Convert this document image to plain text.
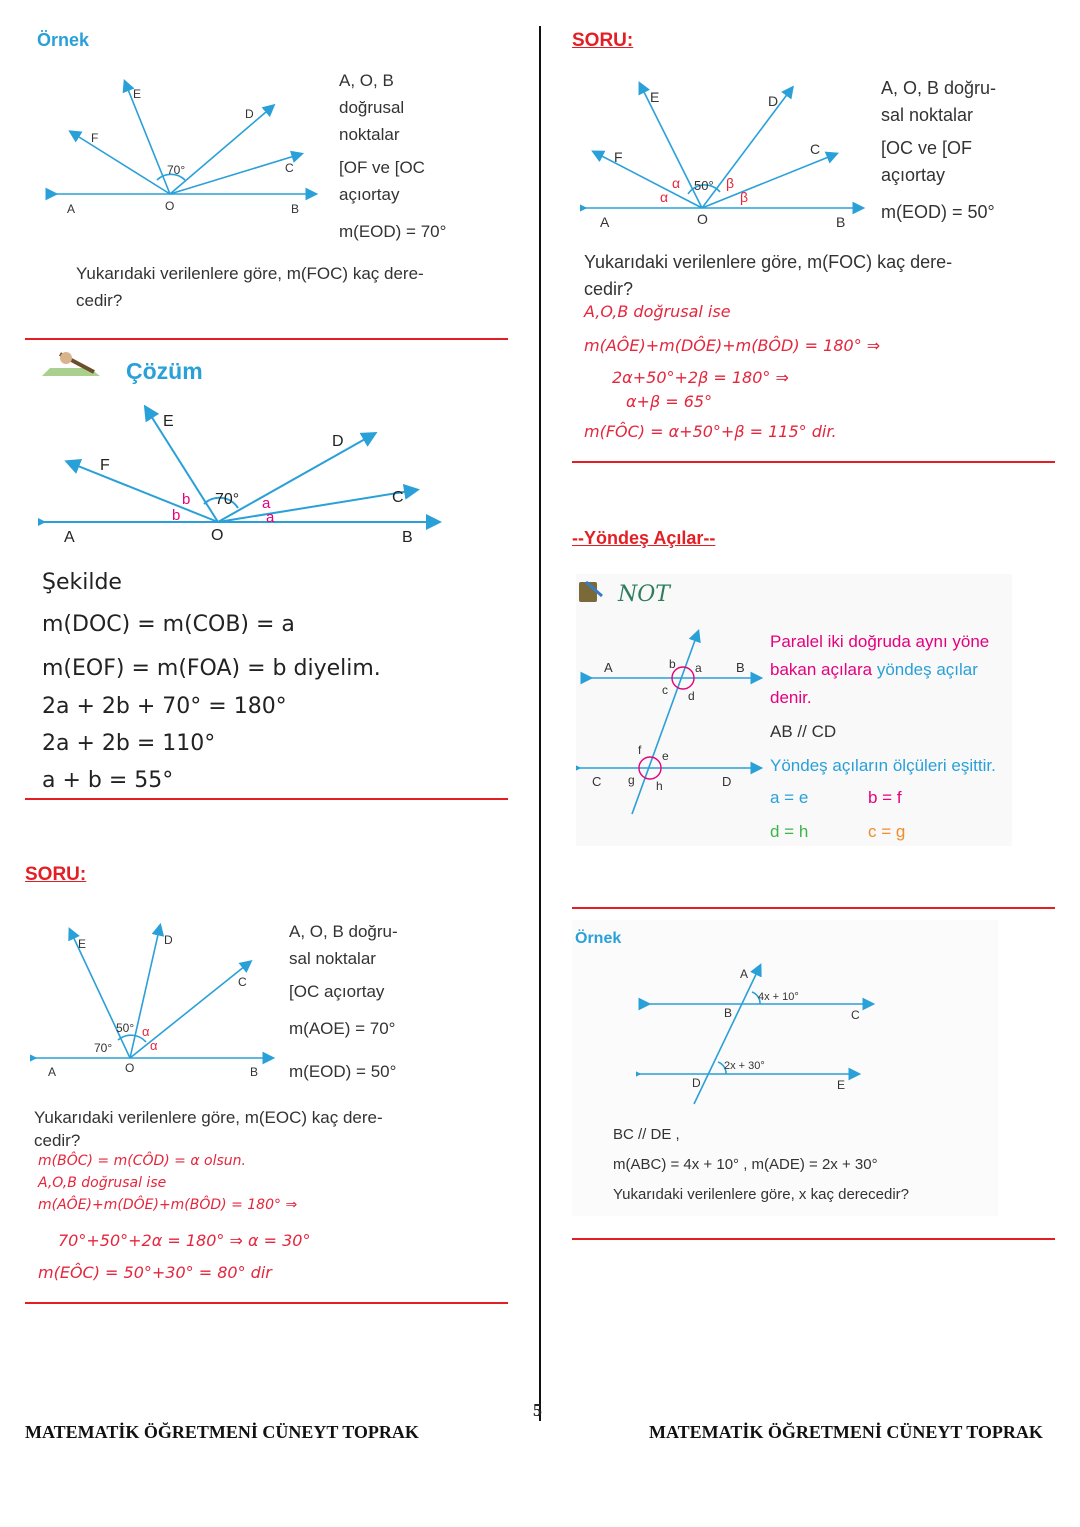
Örnek
E
D
F
C
A	O	B
70°
A, O, B
doğrusal
noktalar
[OF ve [OC
açıortay
m(EOD) = 70°
Yukarıdaki verilenlere göre, m(FOC) kaç dere-
cedir?
Çözüm
E
D
F
C
A	O	B
70°
b
b
a
a
Şekilde
m(DOC) = m(COB) = a
m(EOF) = m(FOA) = b diyelim.
2a + 2b + 70° = 180°
2a + 2b = 110°
a + b = 55°
SORU:
E	D
C
A	O	B
50°
70°
α
α
A, O, B doğru-
sal noktalar
[OC açıortay
m(AOE) = 70°
m(EOD) = 50°
Yukarıdaki verilenlere göre, m(EOC) kaç dere-
cedir?
m(BÔC) = m(CÔD) = α olsun.
A,O,B doğrusal ise
m(AÔE)+m(DÔE)+m(BÔD) = 180° ⇒
70°+50°+2α = 180° ⇒ α = 30°
m(EÔC) = 50°+30° = 80° dir
SORU:
E	D
F	C
A	O	B
50°
α
α
β
β
A, O, B doğru-
sal noktalar
[OC ve [OF
açıortay
m(EOD) = 50°
Yukarıdaki verilenlere göre, m(FOC) kaç dere-
cedir?
A,O,B doğrusal ise
m(AÔE)+m(DÔE)+m(BÔD) = 180° ⇒
2α+50°+2β = 180° ⇒
α+β = 65°
m(FÔC) = α+50°+β = 115° dir.
--Yöndeş Açılar--
NOT
A	B
C	D
b a
c d
f e
g h
Paralel iki doğruda aynı yöne
bakan açılara yöndeş açılar
denir.
AB // CD
Yöndeş açıların ölçüleri eşittir.
a = e	b = f
d = h	c = g
Örnek
A
B	C
D	E
4x + 10°
2x + 30°
BC // DE ,
m(ABC) = 4x + 10° , m(ADE) = 2x + 30°
Yukarıdaki verilenlere göre, x kaç derecedir?
5
MATEMATİK ÖĞRETMENİ CÜNEYT TOPRAK	MATEMATİK ÖĞRETMENİ CÜNEYT TOPRAK
